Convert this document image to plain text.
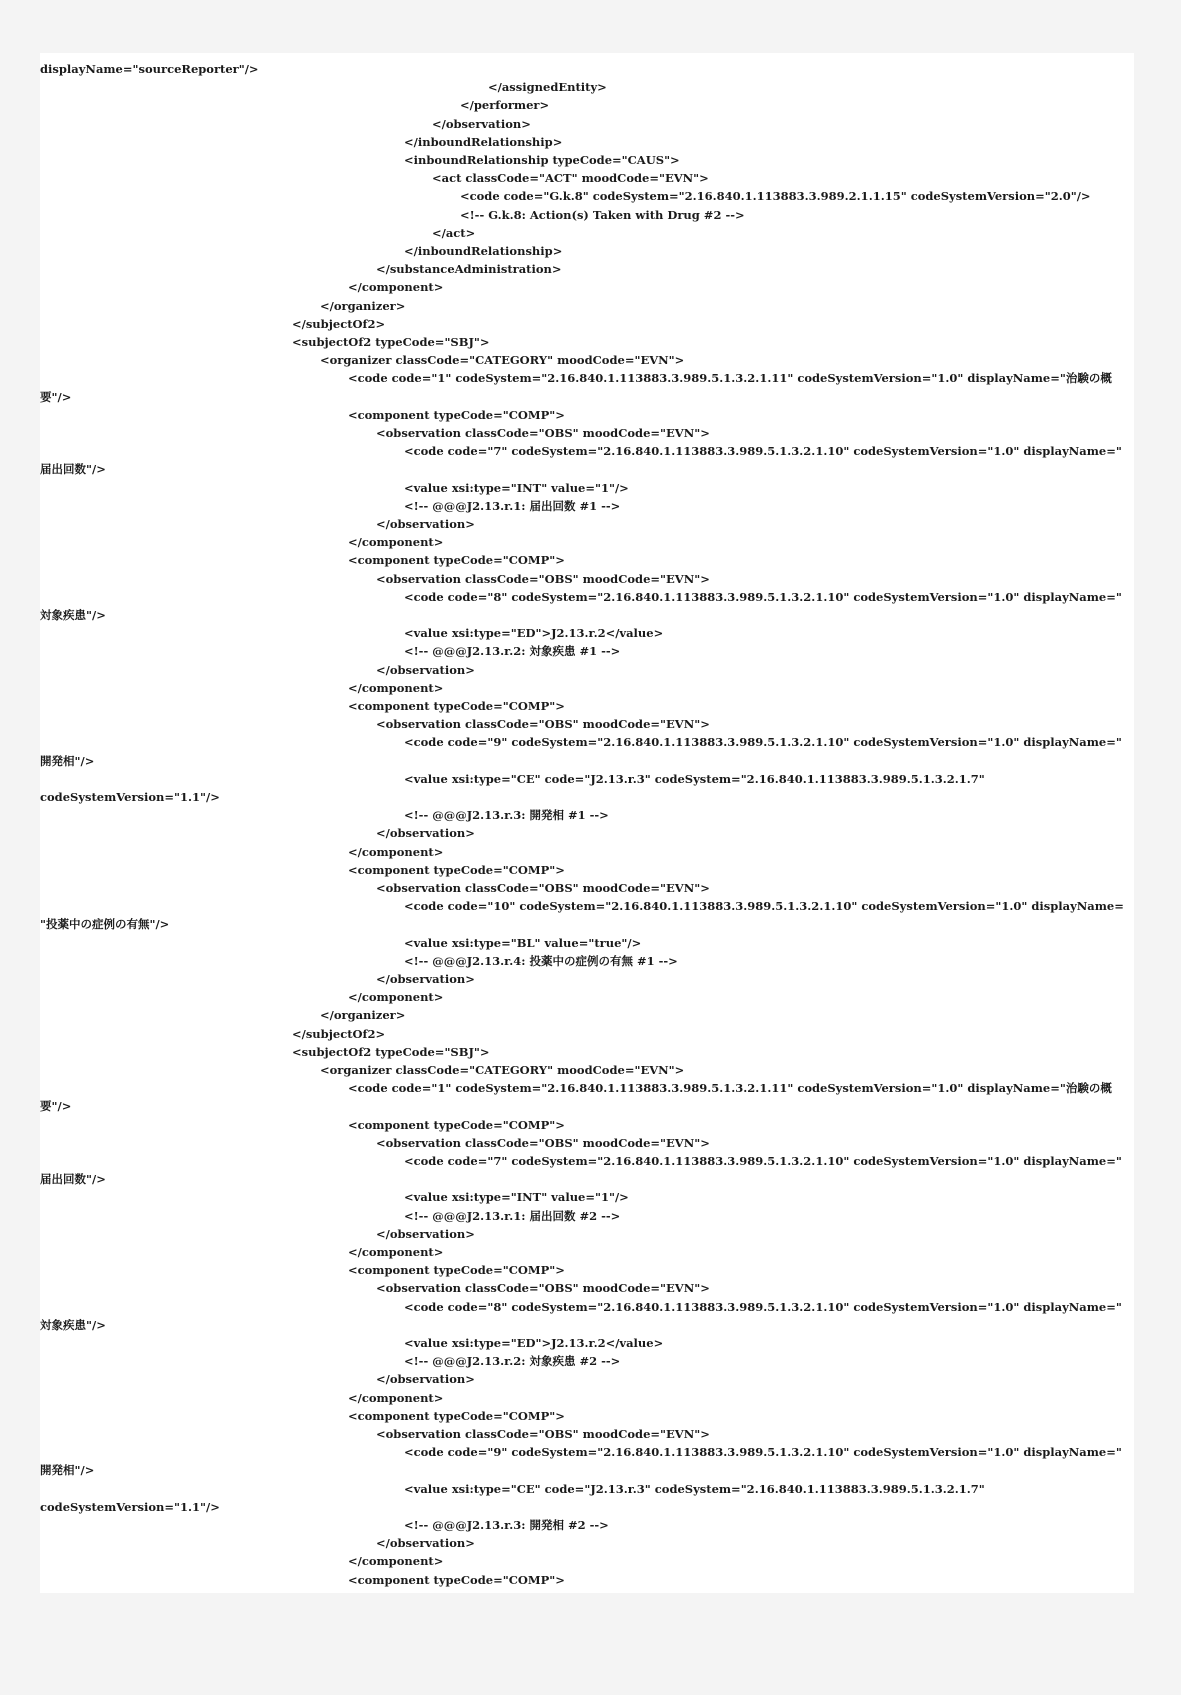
displayName="sourceReporter"/>
</assignedEntity>
</performer>
</observation>
</inboundRelationship>
<inboundRelationship typeCode="CAUS">
<act classCode="ACT" moodCode="EVN">
<code code="G.k.8" codeSystem="2.16.840.1.113883.3.989.2.1.1.15" codeSystemVersion="2.0"/>
<!-- G.k.8: Action(s) Taken with Drug #2 -->
</act>
</inboundRelationship>
</substanceAdministration>
</component>
</organizer>
</subjectOf2>
<subjectOf2 typeCode="SBJ">
<organizer classCode="CATEGORY" moodCode="EVN">
<code code="1" codeSystem="2.16.840.1.113883.3.989.5.1.3.2.1.11" codeSystemVersion="1.0" displayName="治験の概
要"/>
<component typeCode="COMP">
<observation classCode="OBS" moodCode="EVN">
<code code="7" codeSystem="2.16.840.1.113883.3.989.5.1.3.2.1.10" codeSystemVersion="1.0" displayName="
届出回数"/>
<value xsi:type="INT" value="1"/>
<!-- @@@J2.13.r.1: 届出回数 #1 -->
</observation>
</component>
<component typeCode="COMP">
<observation classCode="OBS" moodCode="EVN">
<code code="8" codeSystem="2.16.840.1.113883.3.989.5.1.3.2.1.10" codeSystemVersion="1.0" displayName="
対象疾患"/>
<value xsi:type="ED">J2.13.r.2</value>
<!-- @@@J2.13.r.2: 対象疾患 #1 -->
</observation>
</component>
<component typeCode="COMP">
<observation classCode="OBS" moodCode="EVN">
<code code="9" codeSystem="2.16.840.1.113883.3.989.5.1.3.2.1.10" codeSystemVersion="1.0" displayName="
開発相"/>
<value xsi:type="CE" code="J2.13.r.3" codeSystem="2.16.840.1.113883.3.989.5.1.3.2.1.7"
codeSystemVersion="1.1"/>
<!-- @@@J2.13.r.3: 開発相 #1 -->
</observation>
</component>
<component typeCode="COMP">
<observation classCode="OBS" moodCode="EVN">
<code code="10" codeSystem="2.16.840.1.113883.3.989.5.1.3.2.1.10" codeSystemVersion="1.0" displayName=
"投薬中の症例の有無"/>
<value xsi:type="BL" value="true"/>
<!-- @@@J2.13.r.4: 投薬中の症例の有無 #1 -->
</observation>
</component>
</organizer>
</subjectOf2>
<subjectOf2 typeCode="SBJ">
<organizer classCode="CATEGORY" moodCode="EVN">
<code code="1" codeSystem="2.16.840.1.113883.3.989.5.1.3.2.1.11" codeSystemVersion="1.0" displayName="治験の概
要"/>
<component typeCode="COMP">
<observation classCode="OBS" moodCode="EVN">
<code code="7" codeSystem="2.16.840.1.113883.3.989.5.1.3.2.1.10" codeSystemVersion="1.0" displayName="
届出回数"/>
<value xsi:type="INT" value="1"/>
<!-- @@@J2.13.r.1: 届出回数 #2 -->
</observation>
</component>
<component typeCode="COMP">
<observation classCode="OBS" moodCode="EVN">
<code code="8" codeSystem="2.16.840.1.113883.3.989.5.1.3.2.1.10" codeSystemVersion="1.0" displayName="
対象疾患"/>
<value xsi:type="ED">J2.13.r.2</value>
<!-- @@@J2.13.r.2: 対象疾患 #2 -->
</observation>
</component>
<component typeCode="COMP">
<observation classCode="OBS" moodCode="EVN">
<code code="9" codeSystem="2.16.840.1.113883.3.989.5.1.3.2.1.10" codeSystemVersion="1.0" displayName="
開発相"/>
<value xsi:type="CE" code="J2.13.r.3" codeSystem="2.16.840.1.113883.3.989.5.1.3.2.1.7"
codeSystemVersion="1.1"/>
<!-- @@@J2.13.r.3: 開発相 #2 -->
</observation>
</component>
<component typeCode="COMP">
